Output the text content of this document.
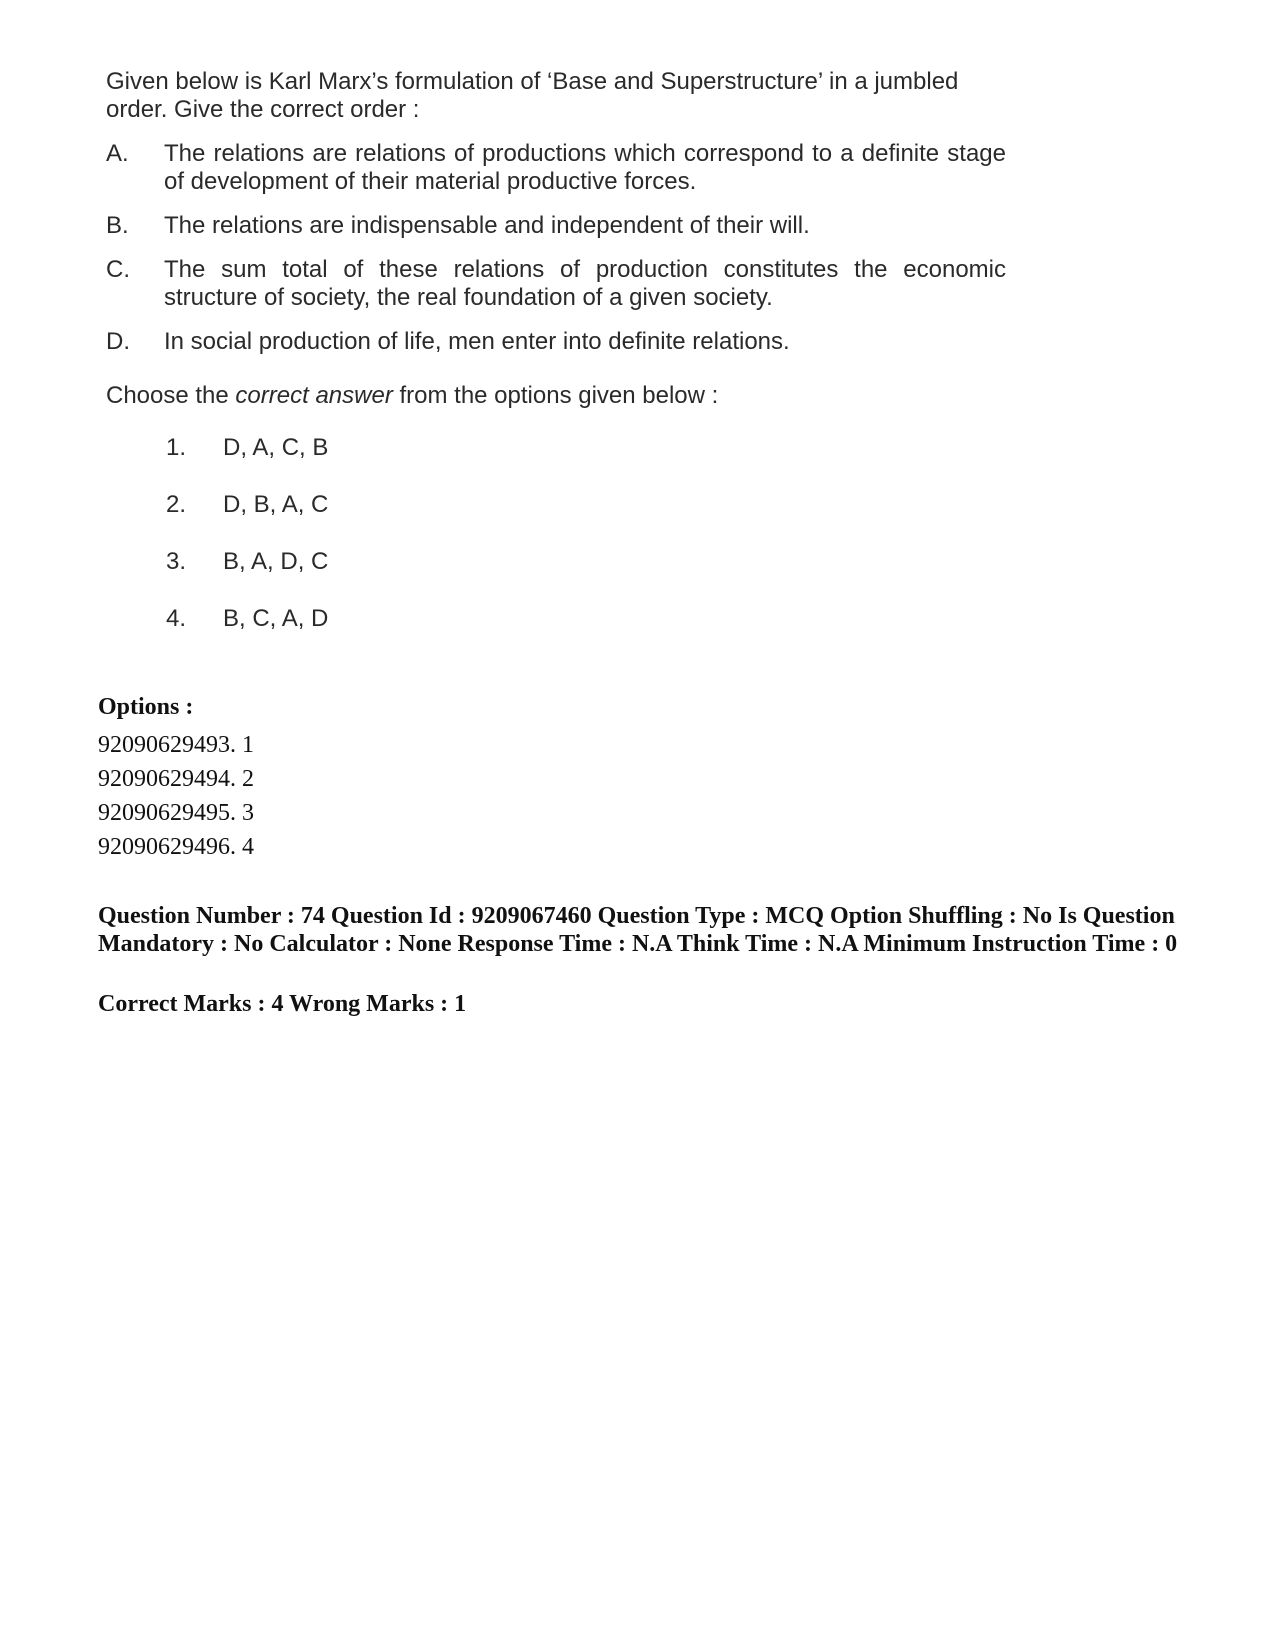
Given below is Karl Marx’s formulation of ‘Base and Superstructure’ in a jumbled order. Give the correct order :

A.	The relations are relations of productions which correspond to a definite stage of development of their material productive forces.
B.	The relations are indispensable and independent of their will.
C.	The sum total of these relations of production constitutes the economic structure of society, the real foundation of a given society.
D.	In social production of life, men enter into definite relations.
Choose the correct answer from the options given below :
1.	D, A, C, B
2.	D, B, A, C
3.	B, A, D, C
4.	B, C, A, D
Options :
92090629493. 1
92090629494. 2
92090629495. 3
92090629496. 4
Question Number : 74 Question Id : 9209067460 Question Type : MCQ Option Shuffling : No Is Question Mandatory : No Calculator : None Response Time : N.A Think Time : N.A Minimum Instruction Time : 0
Correct Marks : 4 Wrong Marks : 1
